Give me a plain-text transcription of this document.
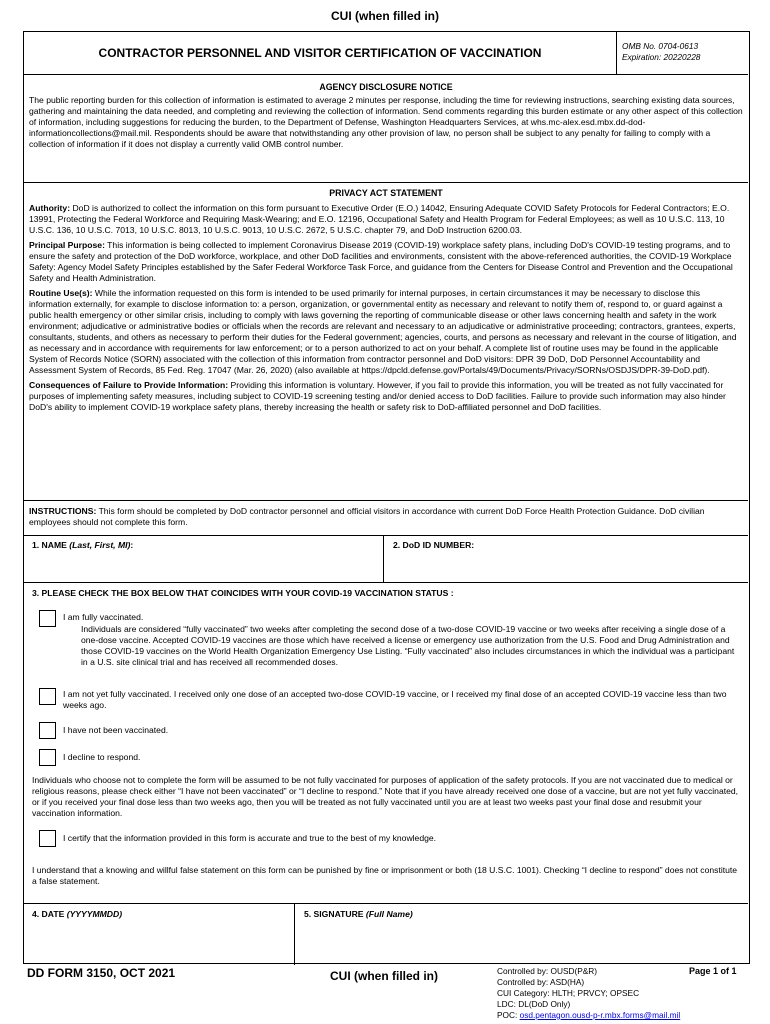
CUI (when filled in)
CONTRACTOR PERSONNEL AND VISITOR CERTIFICATION OF VACCINATION	OMB No. 0704-0613
Expiration: 20220228
AGENCY DISCLOSURE NOTICE
The public reporting burden for this collection of information is estimated to average 2 minutes per response, including the time for reviewing instructions, searching existing data sources, gathering and maintaining the data needed, and completing and reviewing the collection of information. Send comments regarding this burden estimate or any other aspect of this collection of information, including suggestions for reducing the burden, to the Department of Defense, Washington Headquarters Services, at whs.mc-alex.esd.mbx.dd-dod-informationcollections@mail.mil. Respondents should be aware that notwithstanding any other provision of law, no person shall be subject to any penalty for failing to comply with a collection of information if it does not display a currently valid OMB control number.
PRIVACY ACT STATEMENT
Authority: DoD is authorized to collect the information on this form pursuant to Executive Order (E.O.) 14042, Ensuring Adequate COVID Safety Protocols for Federal Contractors; E.O. 13991, Protecting the Federal Workforce and Requiring Mask-Wearing; and E.O. 12196, Occupational Safety and Health Program for Federal Employees; as well as 10 U.S.C. 113, 10 U.S.C. 136, 10 U.S.C. 7013, 10 U.S.C. 8013, 10 U.S.C. 9013, 10 U.S.C. 2672, 5 U.S.C. chapter 79, and DoD Instruction 6200.03.
Principal Purpose: This information is being collected to implement Coronavirus Disease 2019 (COVID-19) workplace safety plans, including DoD's COVID-19 testing programs, and to ensure the safety and protection of the DoD workforce, workplace, and other DoD facilities and environments, consistent with the above-referenced authorities, the COVID-19 Workplace Safety: Agency Model Safety Principles established by the Safer Federal Workforce Task Force, and guidance from the Centers for Disease Control and Prevention and the Occupational Safety and Health Administration.
Routine Use(s): While the information requested on this form is intended to be used primarily for internal purposes, in certain circumstances it may be necessary to disclose this information externally, for example to disclose information to: a person, organization, or governmental entity as necessary and relevant to notify them of, respond to, or guard against a public health emergency or other similar crisis, including to comply with laws governing the reporting of communicable disease or other laws concerning health and safety in the work environment; adjudicative or administrative bodies or officials when the records are relevant and necessary to an adjudicative or administrative proceeding; contractors, grantees, experts, consultants, students, and others as necessary to perform their duties for the Federal government; agencies, courts, and persons as necessary and relevant in the course of litigation, and as necessary and in accordance with requirements for law enforcement; or to a person authorized to act on your behalf. A complete list of routine uses may be found in the applicable System of Records Notice (SORN) associated with the collection of this information from contractor personnel and DoD visitors: DPR 39 DoD, DoD Personnel Accountability and Assessment System of Records, 85 Fed. Reg. 17047 (Mar. 26, 2020) (also available at https://dpcld.defense.gov/Portals/49/Documents/Privacy/SORNs/OSDJS/DPR-39-DoD.pdf).
Consequences of Failure to Provide Information: Providing this information is voluntary. However, if you fail to provide this information, you will be treated as not fully vaccinated for purposes of implementing safety measures, including subject to COVID-19 screening testing and/or denied access to DoD facilities. Failure to provide such information may also hinder DoD's ability to implement COVID-19 workplace safety plans, thereby increasing the health or safety risk to DoD-affiliated personnel and DoD facilities.
INSTRUCTIONS: This form should be completed by DoD contractor personnel and official visitors in accordance with current DoD Force Health Protection Guidance. DoD civilian employees should not complete this form.
1. NAME (Last, First, MI):	2. DoD ID NUMBER:
3. PLEASE CHECK THE BOX BELOW THAT COINCIDES WITH YOUR COVID-19 VACCINATION STATUS :
I am fully vaccinated.
Individuals are considered “fully vaccinated” two weeks after completing the second dose of a two-dose COVID-19 vaccine or two weeks after receiving a single dose of a one-dose vaccine. Accepted COVID-19 vaccines are those which have received a license or emergency use authorization from the U.S. Food and Drug Administration and those COVID-19 vaccines on the World Health Organization Emergency Use Listing. “Fully vaccinated” also includes circumstances in which the individual was a participant in a U.S. site clinical trial and has received all recommended doses.
I am not yet fully vaccinated. I received only one dose of an accepted two-dose COVID-19 vaccine, or I received my final dose of an accepted COVID-19 vaccine less than two weeks ago.
I have not been vaccinated.
I decline to respond.
Individuals who choose not to complete the form will be assumed to be not fully vaccinated for purposes of application of the safety protocols. If you are not vaccinated due to medical or religious reasons, please check either “I have not been vaccinated” or “I decline to respond.” Note that if you have already received one dose of a vaccine, but are not yet fully vaccinated, or if you received your final dose less than two weeks ago, then you will be treated as not fully vaccinated until you are at least two weeks past your final dose and resubmit your vaccination information.
I certify that the information provided in this form is accurate and true to the best of my knowledge.
I understand that a knowing and willful false statement on this form can be punished by fine or imprisonment or both (18 U.S.C. 1001). Checking “I decline to respond” does not constitute a false statement.
4. DATE (YYYYMMDD)	5. SIGNATURE (Full Name)
DD FORM 3150, OCT 2021	CUI (when filled in)	Controlled by: OUSD(P&R)
Controlled by: ASD(HA)
CUI Category: HLTH; PRVCY; OPSEC
LDC: DL(DoD Only)
POC: osd.pentagon.ousd-p-r.mbx.forms@mail.mil
Page 1 of 1
